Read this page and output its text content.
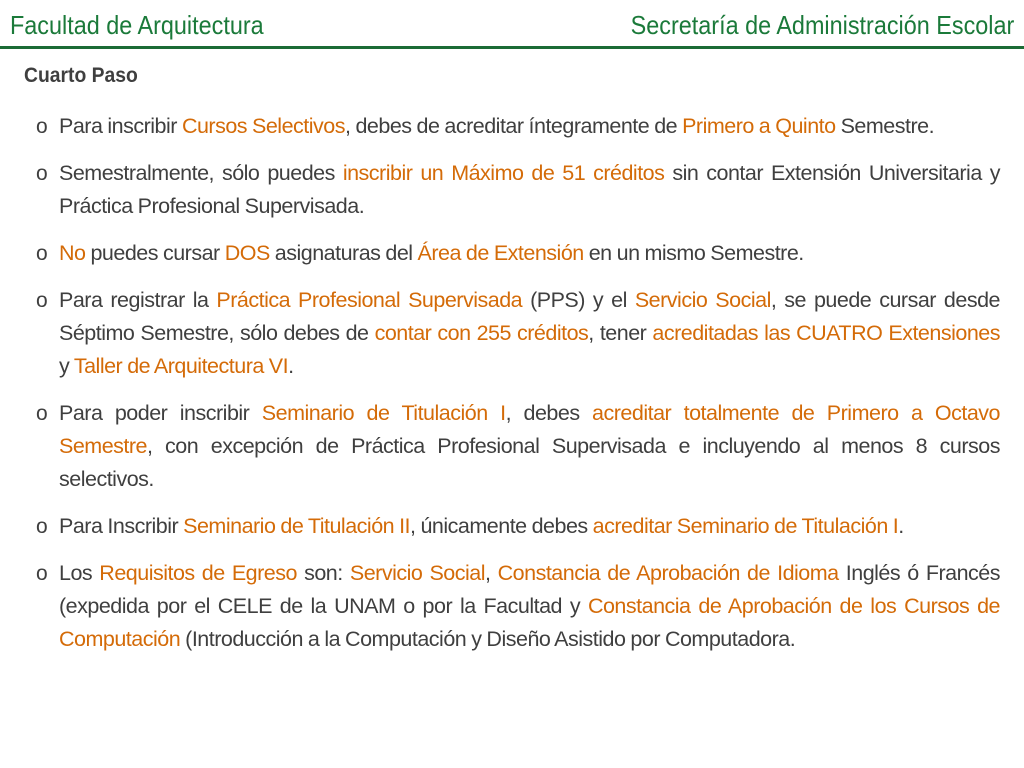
Facultad de Arquitectura	Secretaría de Administración Escolar
Cuarto Paso
o Para inscribir Cursos Selectivos, debes de acreditar íntegramente de Primero a Quinto Semestre.
o Semestralmente, sólo puedes inscribir un Máximo de 51 créditos sin contar Extensión Universitaria y Práctica Profesional Supervisada.
o No puedes cursar DOS asignaturas del Área de Extensión en un mismo Semestre.
o Para registrar la Práctica Profesional Supervisada (PPS) y el Servicio Social, se puede cursar desde Séptimo Semestre, sólo debes de contar con 255 créditos, tener acreditadas las CUATRO Extensiones y Taller de Arquitectura VI.
o Para poder inscribir Seminario de Titulación I, debes acreditar totalmente de Primero a Octavo Semestre, con excepción de Práctica Profesional Supervisada e incluyendo al menos 8 cursos selectivos.
o Para Inscribir Seminario de Titulación II, únicamente debes acreditar Seminario de Titulación I.
o Los Requisitos de Egreso son: Servicio Social, Constancia de Aprobación de Idioma Inglés ó Francés (expedida por el CELE de la UNAM o por la Facultad y Constancia de Aprobación de los Cursos de Computación (Introducción a la Computación y Diseño Asistido por Computadora.
